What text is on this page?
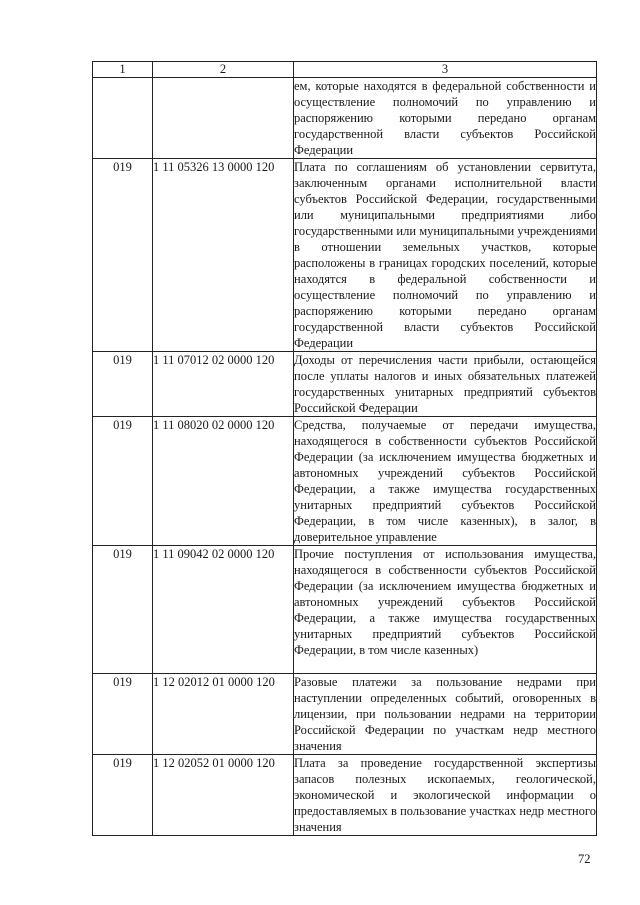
1	2	3
		ем, которые находятся в федеральной собственности и осуществление полномочий по управлению и распоряжению которыми передано органам государственной власти субъектов Российской Федерации
019	1 11 05326 13 0000 120	Плата по соглашениям об установлении сервитута, заключенным органами исполнительной власти субъектов Российской Федерации, государственными или муниципальными предприятиями либо государственными или муниципальными учреждениями в отношении земельных участков, которые расположены в границах городских поселений, которые находятся в федеральной собственности и осуществление полномочий по управлению и распоряжению которыми передано органам государственной власти субъектов Российской Федерации
019	1 11 07012 02 0000 120	Доходы от перечисления части прибыли, остающейся после уплаты налогов и иных обязательных платежей государственных унитарных предприятий субъектов Российской Федерации
019	1 11 08020 02 0000 120	Средства, получаемые от передачи имущества, находящегося в собственности субъектов Российской Федерации (за исключением имущества бюджетных и автономных учреждений субъектов Российской Федерации, а также имущества государственных унитарных предприятий субъектов Российской Федерации, в том числе казенных), в залог, в доверительное управление
019	1 11 09042 02 0000 120	Прочие поступления от использования имущества, находящегося в собственности субъектов Российской Федерации (за исключением имущества бюджетных и автономных учреждений субъектов Российской Федерации, а также имущества государственных унитарных предприятий субъектов Российской Федерации, в том числе казенных)
019	1 12 02012 01 0000 120	Разовые платежи за пользование недрами при наступлении определенных событий, оговоренных в лицензии, при пользовании недрами на территории Российской Федерации по участкам недр местного значения
019	1 12 02052 01 0000 120	Плата за проведение государственной экспертизы запасов полезных ископаемых, геологической, экономической и экологической информации о предоставляемых в пользование участках недр местного значения
72
